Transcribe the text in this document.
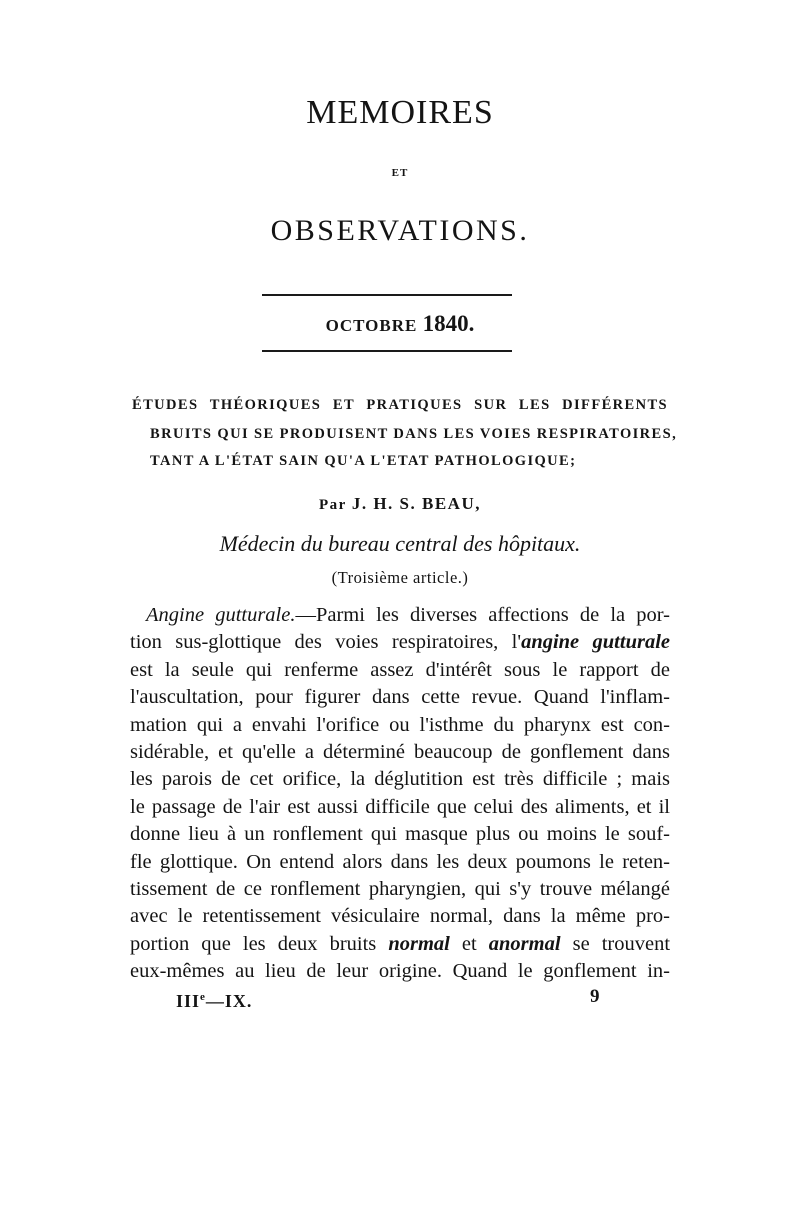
MEMOIRES
ET
OBSERVATIONS.
OCTOBRE 1840.
ÉTUDES THÉORIQUES ET PRATIQUES SUR LES DIFFÉRENTS
BRUITS QUI SE PRODUISENT DANS LES VOIES RESPIRATOIRES,
TANT A L'ÉTAT SAIN QU'A L'ETAT PATHOLOGIQUE;
Par J. H. S. BEAU,
Médecin du bureau central des hôpitaux.
(Troisième article.)
Angine gutturale.—Parmi les diverses affections de la por-
tion sus-glottique des voies respiratoires, l'angine gutturale
est la seule qui renferme assez d'intérêt sous le rapport de
l'auscultation, pour figurer dans cette revue. Quand l'inflam-
mation qui a envahi l'orifice ou l'isthme du pharynx est con-
sidérable, et qu'elle a déterminé beaucoup de gonflement dans
les parois de cet orifice, la déglutition est très difficile ; mais
le passage de l'air est aussi difficile que celui des aliments, et il
donne lieu à un ronflement qui masque plus ou moins le souf-
fle glottique. On entend alors dans les deux poumons le reten-
tissement de ce ronflement pharyngien, qui s'y trouve mélangé
avec le retentissement vésiculaire normal, dans la même pro-
portion que les deux bruits normal et anormal se trouvent
eux-mêmes au lieu de leur origine. Quand le gonflement in-
IIIe—IX.	9
